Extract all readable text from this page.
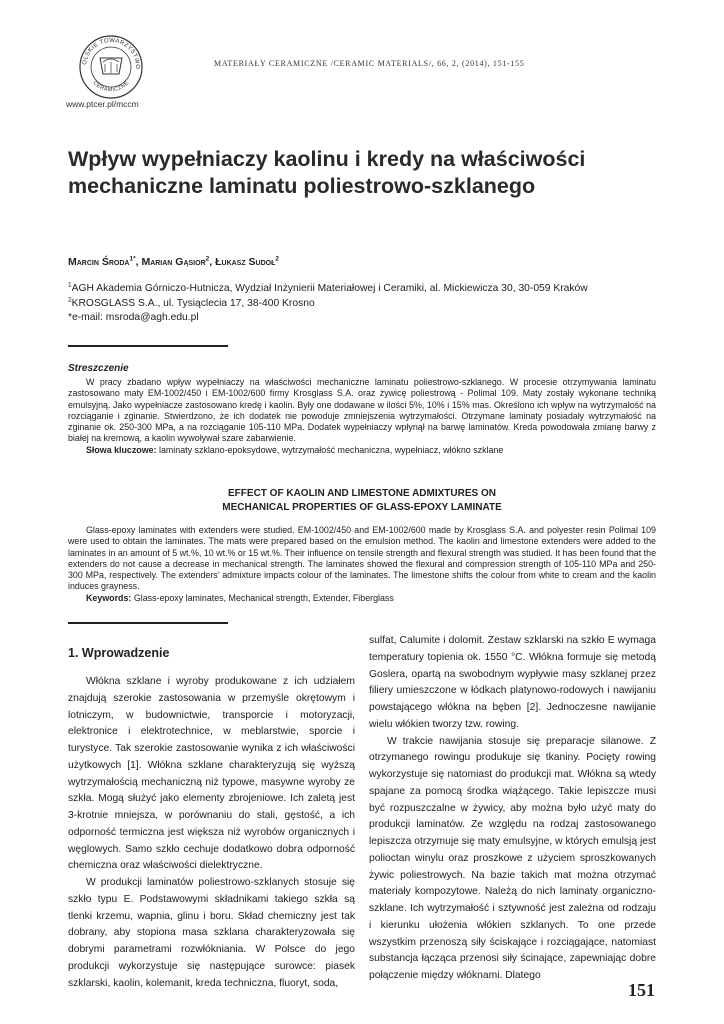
OLSKIE TOWARZYSTWO
CERAMICZNE
www.ptcer.pl/mccm
MATERIAŁY CERAMICZNE /CERAMIC MATERIALS/, 66, 2, (2014), 151-155
Wpływ wypełniaczy kaolinu i kredy na właściwości
mechaniczne laminatu poliestrowo-szklanego
Marcin Środa$^{1*}$, Marian Gąsior$^2$, Łukasz Sudoł$^2$
$^1$AGH Akademia Górniczo-Hutnicza, Wydział Inżynierii Materiałowej i Ceramiki, al. Mickiewicza 30, 30-059 Kraków
$^2$KROSGLASS S.A., ul. Tysiąclecia 17, 38-400 Krosno
*e-mail: msroda@agh.edu.pl
Streszczenie

W pracy zbadano wpływ wypełniaczy na właściwości mechaniczne laminatu poliestrowo-szklanego. W procesie otrzymywania laminatu zastosowano maty EM-1002/450 i EM-1002/600 firmy Krosglass S.A. oraz żywicę poliestrową - Polimal 109. Maty zostały wykonane techniką emulsyjną. Jako wypełniacze zastosowano kredę i kaolin. Były one dodawane w ilości 5%, 10% i 15% mas. Określono ich wpływ na wytrzymałość na rozciąganie i zginanie. Stwierdzono, że ich dodatek nie powoduje zmniejszenia wytrzymałości. Otrzymane laminaty posiadały wytrzymałość na zginanie ok. 250-300 MPa, a na rozciąganie 105-110 MPa. Dodatek wypełniaczy wpłynął na barwę laminatów. Kreda powodowała zmianę barwy z białej na kremową, a kaolin wywoływał szare zabarwienie.

Słowa kluczowe: laminaty szklano-epoksydowe, wytrzymałość mechaniczna, wypełniacz, włókno szklane

EFFECT OF KAOLIN AND LIMESTONE ADMIXTURES ON
MECHANICAL PROPERTIES OF GLASS-EPOXY LAMINATE

Glass-epoxy laminates with extenders were studied. EM-1002/450 and EM-1002/600 made by Krosglass S.A. and polyester resin Polimal 109 were used to obtain the laminates. The mats were prepared based on the emulsion method. The kaolin and limestone extenders were added to the laminates in an amount of 5 wt.%, 10 wt.% or 15 wt.%. Their influence on tensile strength and flexural strength was studied. It has been found that the extenders do not cause a decrease in mechanical strength. The laminates showed the flexural and compression strength of 105-110 MPa and 250-300 MPa, respectively. The extenders’ admixture impacts colour of the laminates. The limestone shifts the colour from white to cream and the kaolin induces grayness.

Keywords: Glass-epoxy laminates, Mechanical strength, Extender, Fiberglass

1. Wprowadzenie

Włókna szklane i wyroby produkowane z ich udziałem znajdują szerokie zastosowania w przemyśle okrętowym i lotniczym, w budownictwie, transporcie i motoryzacji, elektronice i elektrotechnice, w meblarstwie, sporcie i turystyce. Tak szerokie zastosowanie wynika z ich właściwości użytkowych [1]. Włókna szklane charakteryzują się wyższą wytrzymałością mechaniczną niż typowe, masywne wyroby ze szkła. Mogą służyć jako elementy zbrojeniowe. Ich zaletą jest 3-krotnie mniejsza, w porównaniu do stali, gęstość, a ich odporność termiczna jest większa niż wyrobów organicznych i węglowych. Samo szkło cechuje dodatkowo dobra odporność chemiczna oraz właściwości dielektryczne.

W produkcji laminatów poliestrowo-szklanych stosuje się szkło typu E. Podstawowymi składnikami takiego szkła są tlenki krzemu, wapnia, glinu i boru. Skład chemiczny jest tak dobrany, aby stopiona masa szklana charakteryzowała się dobrymi parametrami rozwłókniania. W Polsce do jego produkcji wykorzystuje się następujące surowce: piasek szklarski, kaolin, kolemanit, kreda techniczna, fluoryt, soda,

sulfat, Calumite i dolomit. Zestaw szklarski na szkło E wymaga temperatury topienia ok. 1550 °C. Włókna formuje się metodą Goslera, opartą na swobodnym wypływie masy szklanej przez filiery umieszczone w łódkach platynowo-rodowych i nawijaniu powstającego włókna na bęben [2]. Jednoczesne nawijanie wielu włókien tworzy tzw. rowing.

W trakcie nawijania stosuje się preparacje silanowe. Z otrzymanego rowingu produkuje się tkaniny. Pocięty rowing wykorzystuje się natomiast do produkcji mat. Włókna są wtedy spajane za pomocą środka wiążącego. Takie lepiszcze musi być rozpuszczalne w żywicy, aby można było użyć maty do produkcji laminatów. Ze względu na rodzaj zastosowanego lepiszcza otrzymuje się maty emulsyjne, w których emulsją jest polioctan winylu oraz proszkowe z użyciem sproszkowanych żywic poliestrowych. Na bazie takich mat można otrzymać materiały kompozytowe. Należą do nich laminaty organiczno-szklane. Ich wytrzymałość i sztywność jest zależna od rodzaju i kierunku ułożenia włókien szklanych. To one przede wszystkim przenoszą siły ściskające i rozciągające, natomiast substancja łącząca przenosi siły ścinające, zapewniając dobre połączenie między włóknami. Dlatego

151
